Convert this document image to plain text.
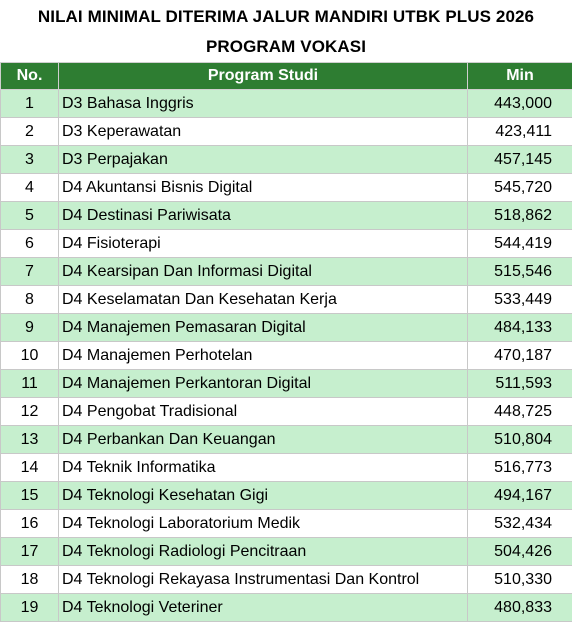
NILAI MINIMAL DITERIMA JALUR MANDIRI UTBK PLUS 2026
PROGRAM VOKASI
No.	Program Studi	Min
1	D3 Bahasa Inggris	443,000
2	D3 Keperawatan	423,411
3	D3 Perpajakan	457,145
4	D4 Akuntansi Bisnis Digital	545,720
5	D4 Destinasi Pariwisata	518,862
6	D4 Fisioterapi	544,419
7	D4 Kearsipan Dan Informasi Digital	515,546
8	D4 Keselamatan Dan Kesehatan Kerja	533,449
9	D4 Manajemen Pemasaran Digital	484,133
10	D4 Manajemen Perhotelan	470,187
11	D4 Manajemen Perkantoran Digital	511,593
12	D4 Pengobat Tradisional	448,725
13	D4 Perbankan Dan Keuangan	510,804
14	D4 Teknik Informatika	516,773
15	D4 Teknologi Kesehatan Gigi	494,167
16	D4 Teknologi Laboratorium Medik	532,434
17	D4 Teknologi Radiologi Pencitraan	504,426
18	D4 Teknologi Rekayasa Instrumentasi Dan Kontrol	510,330
19	D4 Teknologi Veteriner	480,833
